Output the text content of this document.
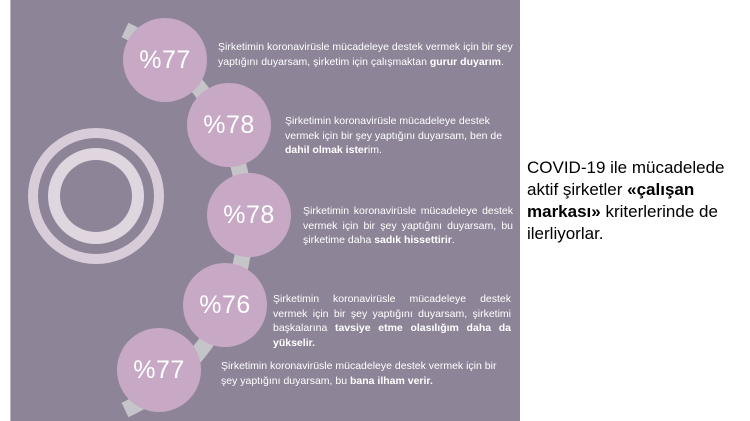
%77	Şirketimin koronavirüsle mücadeleye destek vermek için bir şey yaptığını duyarsam, şirketim için çalışmaktan gurur duyarım.
%78	Şirketimin koronavirüsle mücadeleye destek vermek için bir şey yaptığını duyarsam, ben de dahil olmak isterim.
%78	Şirketimin koronavirüsle mücadeleye destek vermek için bir şey yaptığını duyarsam, bu şirketime daha sadık hissettirir.
%76	Şirketimin koronavirüsle mücadeleye destek vermek için bir şey yaptığını duyarsam, şirketimi başkalarına tavsiye etme olasılığım daha da yükselir.
%77	Şirketimin koronavirüsle mücadeleye destek vermek için bir şey yaptığını duyarsam, bu bana ilham verir.
COVID-19 ile mücadelede aktif şirketler «çalışan markası» kriterlerinde de ilerliyorlar.
